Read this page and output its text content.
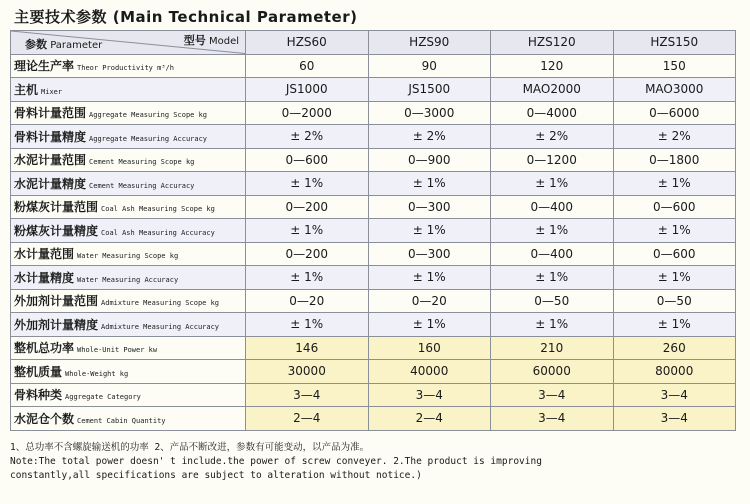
主要技术参数 (Main Technical Parameter)
型号 Model
参数 Parameter	HZS60	HZS90	HZS120	HZS150
理论生产率 Theor Productivity m³/h	60	90	120	150
主机 Mixer	JS1000	JS1500	MAO2000	MAO3000
骨料计量范围 Aggregate Measuring Scope kg	0—2000	0—3000	0—4000	0—6000
骨料计量精度 Aggregate Measuring Accuracy	± 2%	± 2%	± 2%	± 2%
水泥计量范围 Cement Measuring Scope kg	0—600	0—900	0—1200	0—1800
水泥计量精度 Cement Measuring Accuracy	± 1%	± 1%	± 1%	± 1%
粉煤灰计量范围 Coal Ash Measuring Scope kg	0—200	0—300	0—400	0—600
粉煤灰计量精度 Coal Ash Measuring Accuracy	± 1%	± 1%	± 1%	± 1%
水计量范围 Water Measuring Scope kg	0—200	0—300	0—400	0—600
水计量精度 Water Measuring Accuracy	± 1%	± 1%	± 1%	± 1%
外加剂计量范围 Admixture Measuring Scope kg	0—20	0—20	0—50	0—50
外加剂计量精度 Admixture Measuring Accuracy	± 1%	± 1%	± 1%	± 1%
整机总功率 Whole-Unit Power kw	146	160	210	260
整机质量 Whole-Weight kg	30000	40000	60000	80000
骨料种类 Aggregate Category	3—4	3—4	3—4	3—4
水泥仓个数 Cement Cabin Quantity	2—4	2—4	3—4	3—4
1、总功率不含螺旋输送机的功率 2、产品不断改进，参数有可能变动，以产品为准。
Note:The total power doesn' t include.the power of screw conveyer. 2.The product is improving
constantly,all specifications are subject to alteration without notice.)
